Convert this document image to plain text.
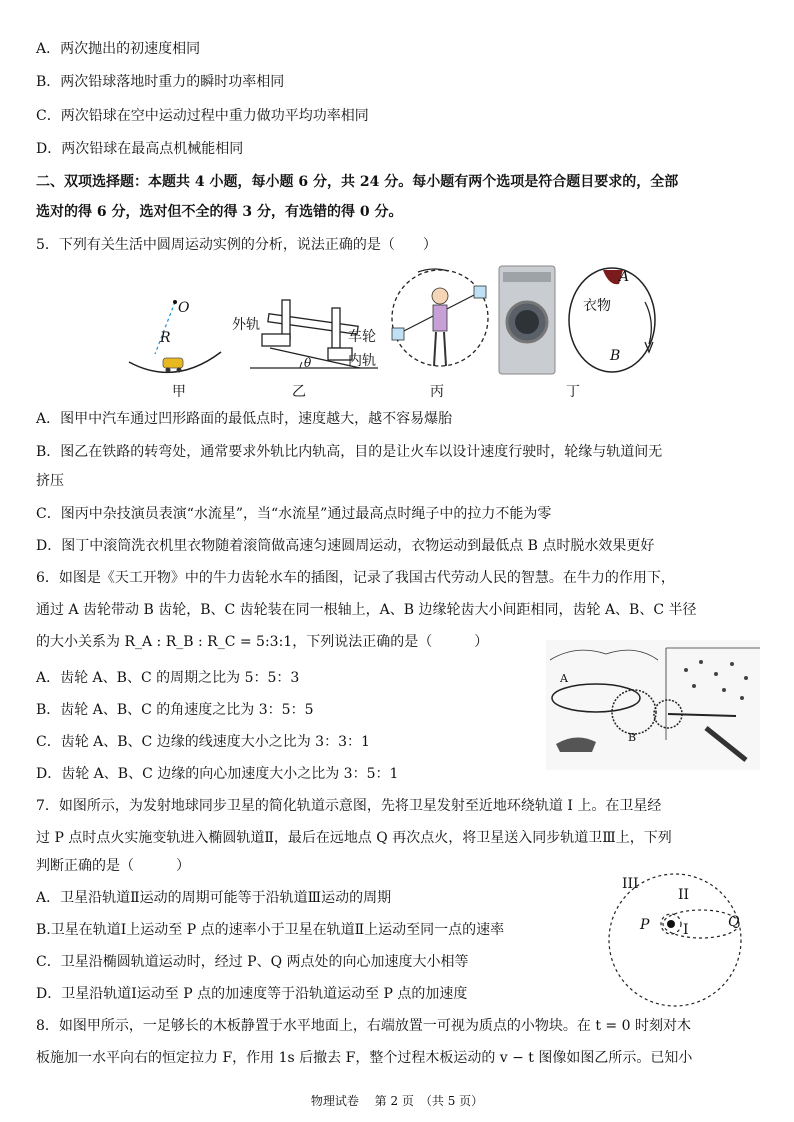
A．两次抛出的初速度相同
B．两次铅球落地时重力的瞬时功率相同
C．两次铅球在空中运动过程中重力做功平均功率相同
D．两次铅球在最高点机械能相同
二、双项选择题：本题共 4 小题，每小题 6 分，共 24 分。每小题有两个选项是符合题目要求的，全部
选对的得 6 分，选对但不全的得 3 分，有选错的得 0 分。
5．下列有关生活中圆周运动实例的分析，说法正确的是（　　）
O
R
甲
外轨
车轮
内轨
θ
乙	丙
A
衣物
B
丁
A．图甲中汽车通过凹形路面的最低点时，速度越大，越不容易爆胎
B．图乙在铁路的转弯处，通常要求外轨比内轨高，目的是让火车以设计速度行驶时，轮缘与轨道间无
挤压
C．图丙中杂技演员表演“水流星”，当“水流星”通过最高点时绳子中的拉力不能为零
D．图丁中滚筒洗衣机里衣物随着滚筒做高速匀速圆周运动，衣物运动到最低点 B 点时脱水效果更好
6．如图是《天工开物》中的牛力齿轮水车的插图，记录了我国古代劳动人民的智慧。在牛力的作用下，
通过 A 齿轮带动 B 齿轮，B、C 齿轮装在同一根轴上，A、B 边缘轮齿大小间距相同，齿轮 A、B、C 半径
的大小关系为 R_A : R_B : R_C = 5:3:1，下列说法正确的是（　　　）
A
B
A．齿轮 A、B、C 的周期之比为 5：5：3
B．齿轮 A、B、C 的角速度之比为 3：5：5
C．齿轮 A、B、C 边缘的线速度大小之比为 3：3：1
D．齿轮 A、B、C 边缘的向心加速度大小之比为 3：5：1
7．如图所示，为发射地球同步卫星的简化轨道示意图，先将卫星发射至近地环绕轨道 I 上。在卫星经
过 P 点时点火实施变轨进入椭圆轨道Ⅱ，最后在远地点 Q 再次点火，将卫星送入同步轨道卫Ⅲ上，下列
判断正确的是（　　　）
III
II
I
P	Q
A．卫星沿轨道Ⅱ运动的周期可能等于沿轨道Ⅲ运动的周期
B.卫星在轨道Ⅰ上运动至 P 点的速率小于卫星在轨道Ⅱ上运动至同一点的速率
C．卫星沿椭圆轨道运动时，经过 P、Q 两点处的向心加速度大小相等
D．卫星沿轨道Ⅰ运动至 P 点的加速度等于沿轨道运动至 P 点的加速度
8．如图甲所示，一足够长的木板静置于水平地面上，右端放置一可视为质点的小物块。在 t = 0 时刻对木
板施加一水平向右的恒定拉力 F，作用 1s 后撤去 F，整个过程木板运动的 v − t 图像如图乙所示。已知小
物理试卷　 第 2 页　（共 5 页）
